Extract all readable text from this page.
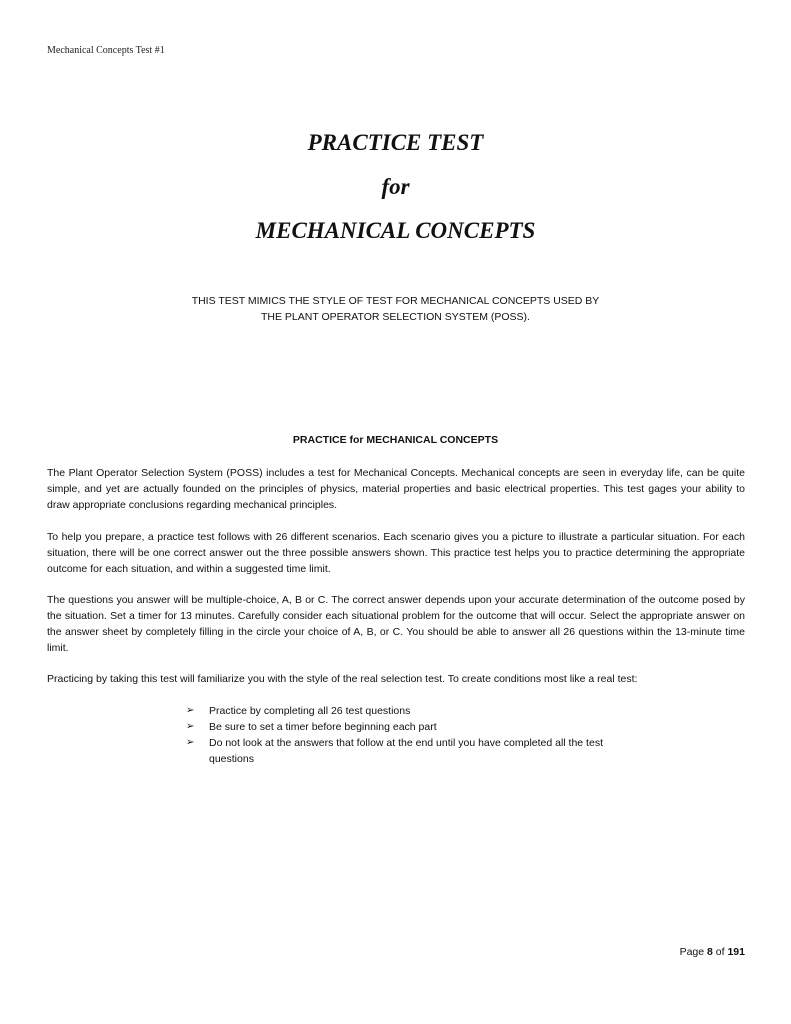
Mechanical Concepts Test #1
PRACTICE TEST
for
MECHANICAL CONCEPTS
THIS TEST MIMICS THE STYLE OF TEST FOR MECHANICAL CONCEPTS USED BY
THE PLANT OPERATOR SELECTION SYSTEM (POSS).
PRACTICE for MECHANICAL CONCEPTS

The Plant Operator Selection System (POSS) includes a test for Mechanical Concepts. Mechanical concepts are seen in everyday life, can be quite simple, and yet are actually founded on the principles of physics, material properties and basic electrical properties. This test gages your ability to draw appropriate conclusions regarding mechanical principles.

To help you prepare, a practice test follows with 26 different scenarios. Each scenario gives you a picture to illustrate a particular situation. For each situation, there will be one correct answer out the three possible answers shown. This practice test helps you to practice determining the appropriate outcome for each situation, and within a suggested time limit.

The questions you answer will be multiple-choice, A, B or C. The correct answer depends upon your accurate determination of the outcome posed by the situation. Set a timer for 13 minutes. Carefully consider each situational problem for the outcome that will occur. Select the appropriate answer on the answer sheet by completely filling in the circle your choice of A, B, or C. You should be able to answer all 26 questions within the 13-minute time limit.

Practicing by taking this test will familiarize you with the style of the real selection test. To create conditions most like a real test:

➢ Practice by completing all 26 test questions
➢ Be sure to set a timer before beginning each part
➢ Do not look at the answers that follow at the end until you have completed all the test questions
Page 8 of 191
